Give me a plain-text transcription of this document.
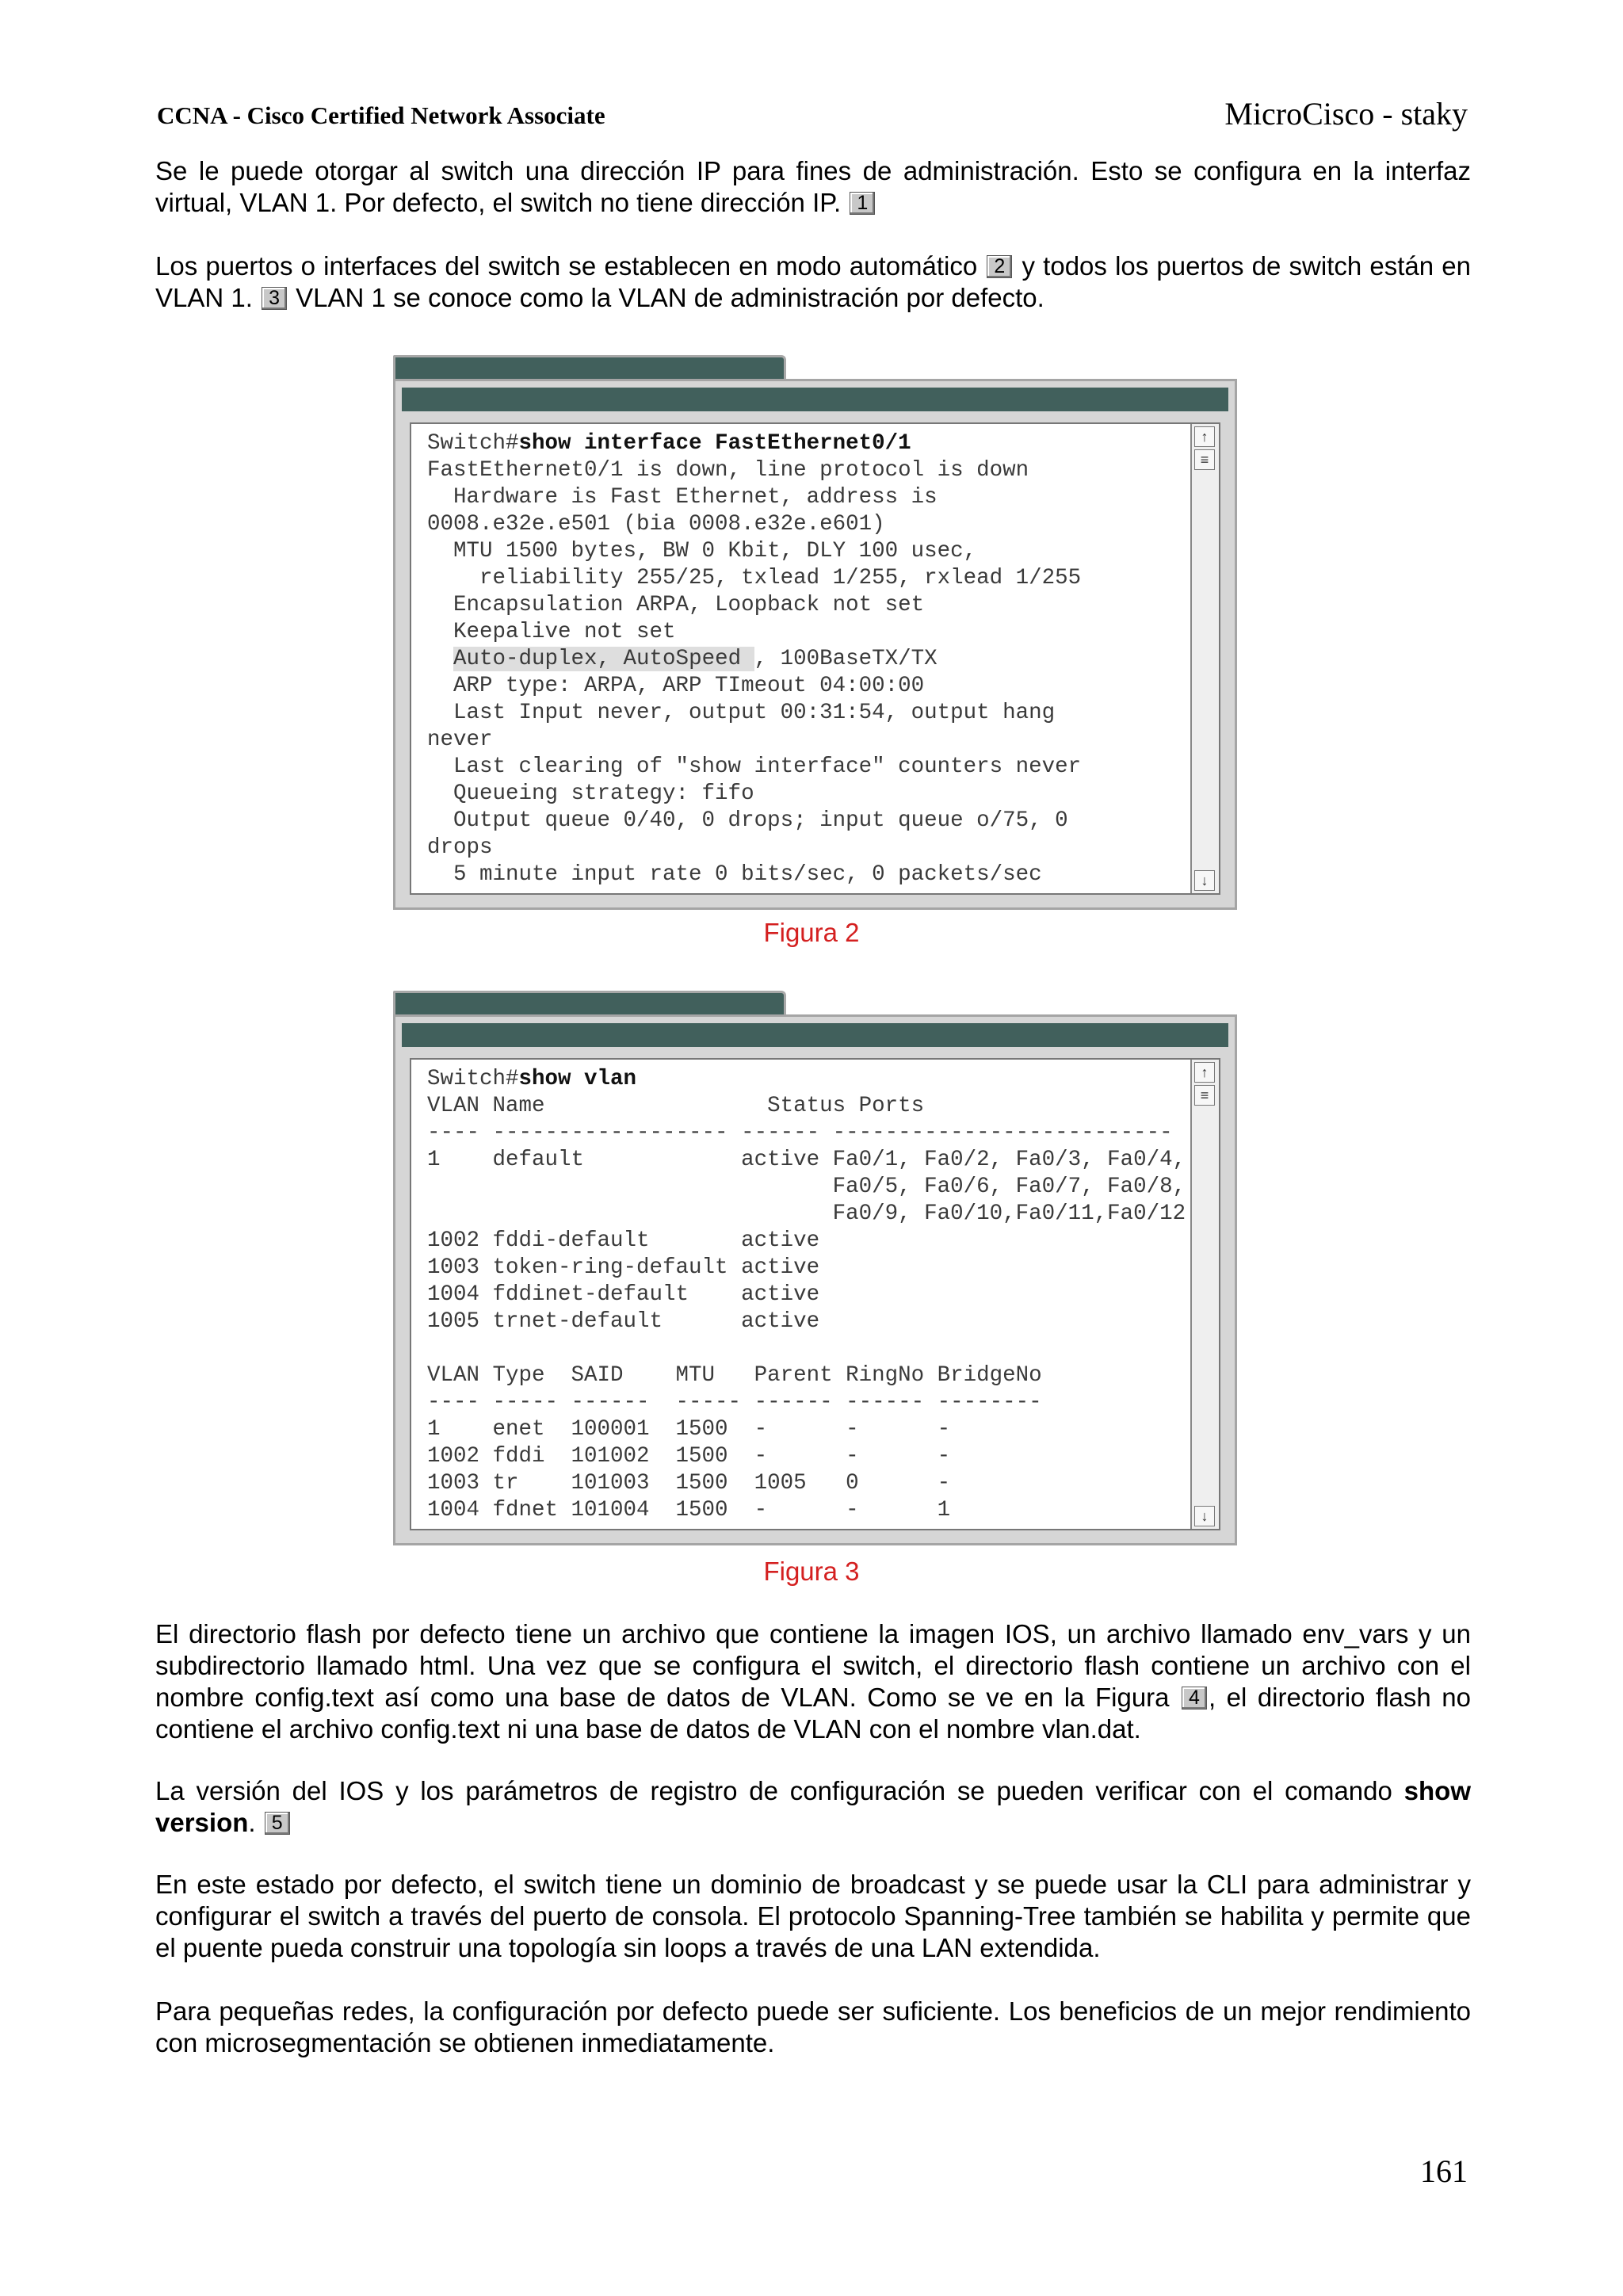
CCNA - Cisco Certified Network Associate	MicroCisco - staky
Se le puede otorgar al switch una dirección IP para fines de administración. Esto se configura en la interfaz virtual, VLAN 1. Por defecto, el switch no tiene dirección IP. 1
Los puertos o interfaces del switch se establecen en modo automático 2 y todos los puertos de switch están en VLAN 1. 3 VLAN 1 se conoce como la VLAN de administración por defecto.
Switch#show interface FastEthernet0/1
FastEthernet0/1 is down, line protocol is down
Hardware is Fast Ethernet, address is
0008.e32e.e501 (bia 0008.e32e.e601)
MTU 1500 bytes, BW 0 Kbit, DLY 100 usec,
reliability 255/25, txlead 1/255, rxlead 1/255
Encapsulation ARPA, Loopback not set
Keepalive not set
Auto-duplex, AutoSpeed , 100BaseTX/TX
ARP type: ARPA, ARP TImeout 04:00:00
Last Input never, output 00:31:54, output hang
never
Last clearing of "show interface" counters never
Queueing strategy: fifo
Output queue 0/40, 0 drops; input queue o/75, 0
drops
5 minute input rate 0 bits/sec, 0 packets/sec
↑
≡
↓
Figura 2
Switch#show vlan
VLAN Name                 Status Ports
---- ------------------ ------ --------------------------
1    default            active Fa0/1, Fa0/2, Fa0/3, Fa0/4,
Fa0/5, Fa0/6, Fa0/7, Fa0/8,
Fa0/9, Fa0/10,Fa0/11,Fa0/12
1002 fddi-default       active
1003 token-ring-default active
1004 fddinet-default    active
1005 trnet-default      active

VLAN Type  SAID    MTU   Parent RingNo BridgeNo
---- ----- ------  ----- ------ ------ --------
1    enet  100001  1500  -      -      -
1002 fddi  101002  1500  -      -      -
1003 tr    101003  1500  1005   0      -
1004 fdnet 101004  1500  -      -      1
↑
≡
↓
Figura 3
El directorio flash por defecto tiene un archivo que contiene la imagen IOS, un archivo llamado env_vars y un subdirectorio llamado html. Una vez que se configura el switch, el directorio flash contiene un archivo con el nombre config.text así como una base de datos de VLAN. Como se ve en la Figura 4 , el directorio flash no contiene el archivo config.text ni una base de datos de VLAN con el nombre vlan.dat.
La versión del IOS y los parámetros de registro de configuración se pueden verificar con el comando show version. 5
En este estado por defecto, el switch tiene un dominio de broadcast y se puede usar la CLI para administrar y configurar el switch a través del puerto de consola. El protocolo Spanning-Tree también se habilita y permite que el puente pueda construir una topología sin loops a través de una LAN extendida.
Para pequeñas redes, la configuración por defecto puede ser suficiente. Los beneficios de un mejor rendimiento con microsegmentación se obtienen inmediatamente.
161
